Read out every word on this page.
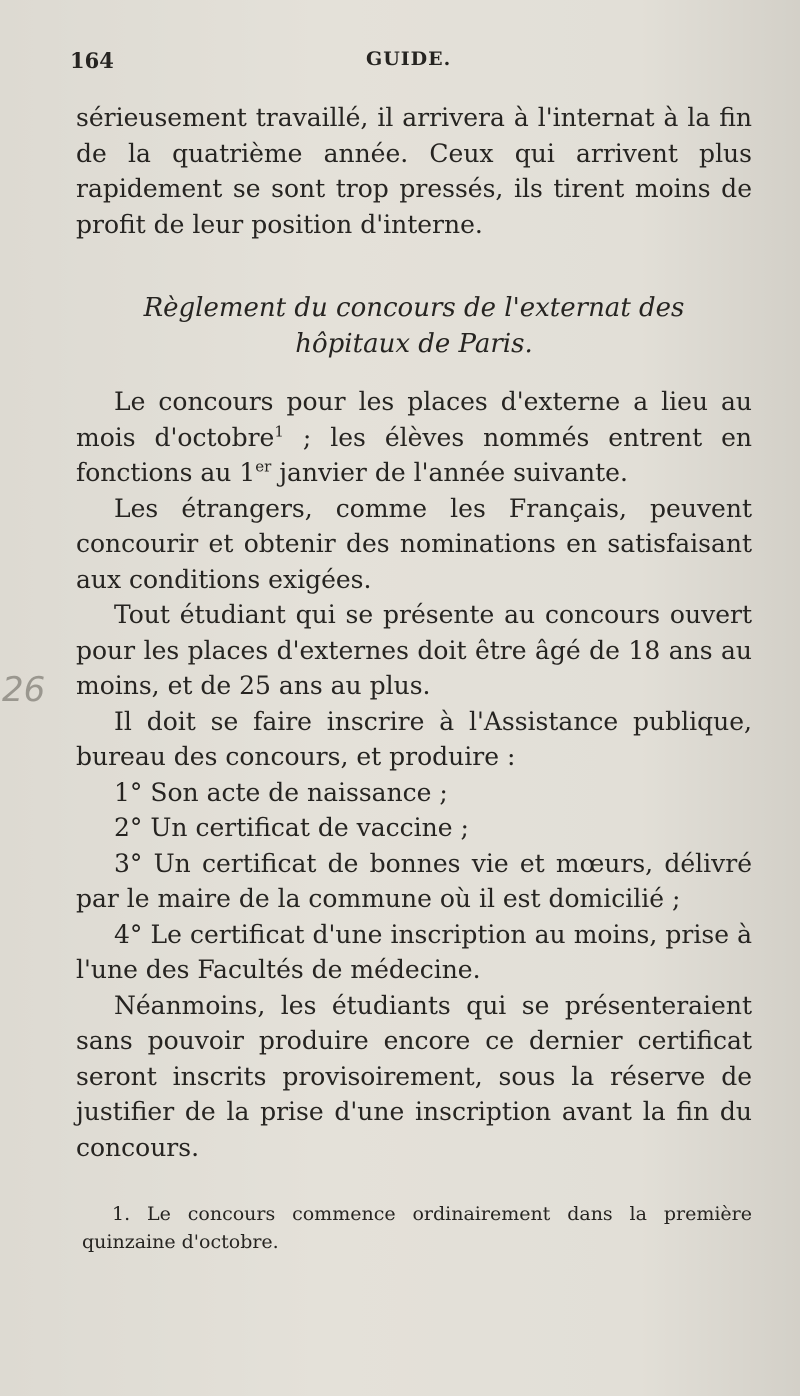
164	GUIDE.

sérieusement travaillé, il arrivera à l'internat à la fin de la quatrième année. Ceux qui arrivent plus rapidement se sont trop pressés, ils tirent moins de profit de leur position d'interne.

Règlement du concours de l'externat des
hôpitaux de Paris.

Le concours pour les places d'externe a lieu au mois d'octobre$^1$ ; les élèves nommés entrent en fonctions au 1er janvier de l'année suivante.

Les étrangers, comme les Français, peuvent concourir et obtenir des nominations en satisfaisant aux conditions exigées.

Tout étudiant qui se présente au concours ouvert pour les places d'externes doit être âgé de 18 ans au moins, et de 25 ans au plus.

Il doit se faire inscrire à l'Assistance publique, bureau des concours, et produire :

1° Son acte de naissance ;

2° Un certificat de vaccine ;

3° Un certificat de bonnes vie et mœurs, délivré par le maire de la commune où il est domicilié ;

4° Le certificat d'une inscription au moins, prise à l'une des Facultés de médecine.

Néanmoins, les étudiants qui se présenteraient sans pouvoir produire encore ce dernier certificat seront inscrits provisoirement, sous la réserve de justifier de la prise d'une inscription avant la fin du concours.

1. Le concours commence ordinairement dans la première quinzaine d'octobre.
26
